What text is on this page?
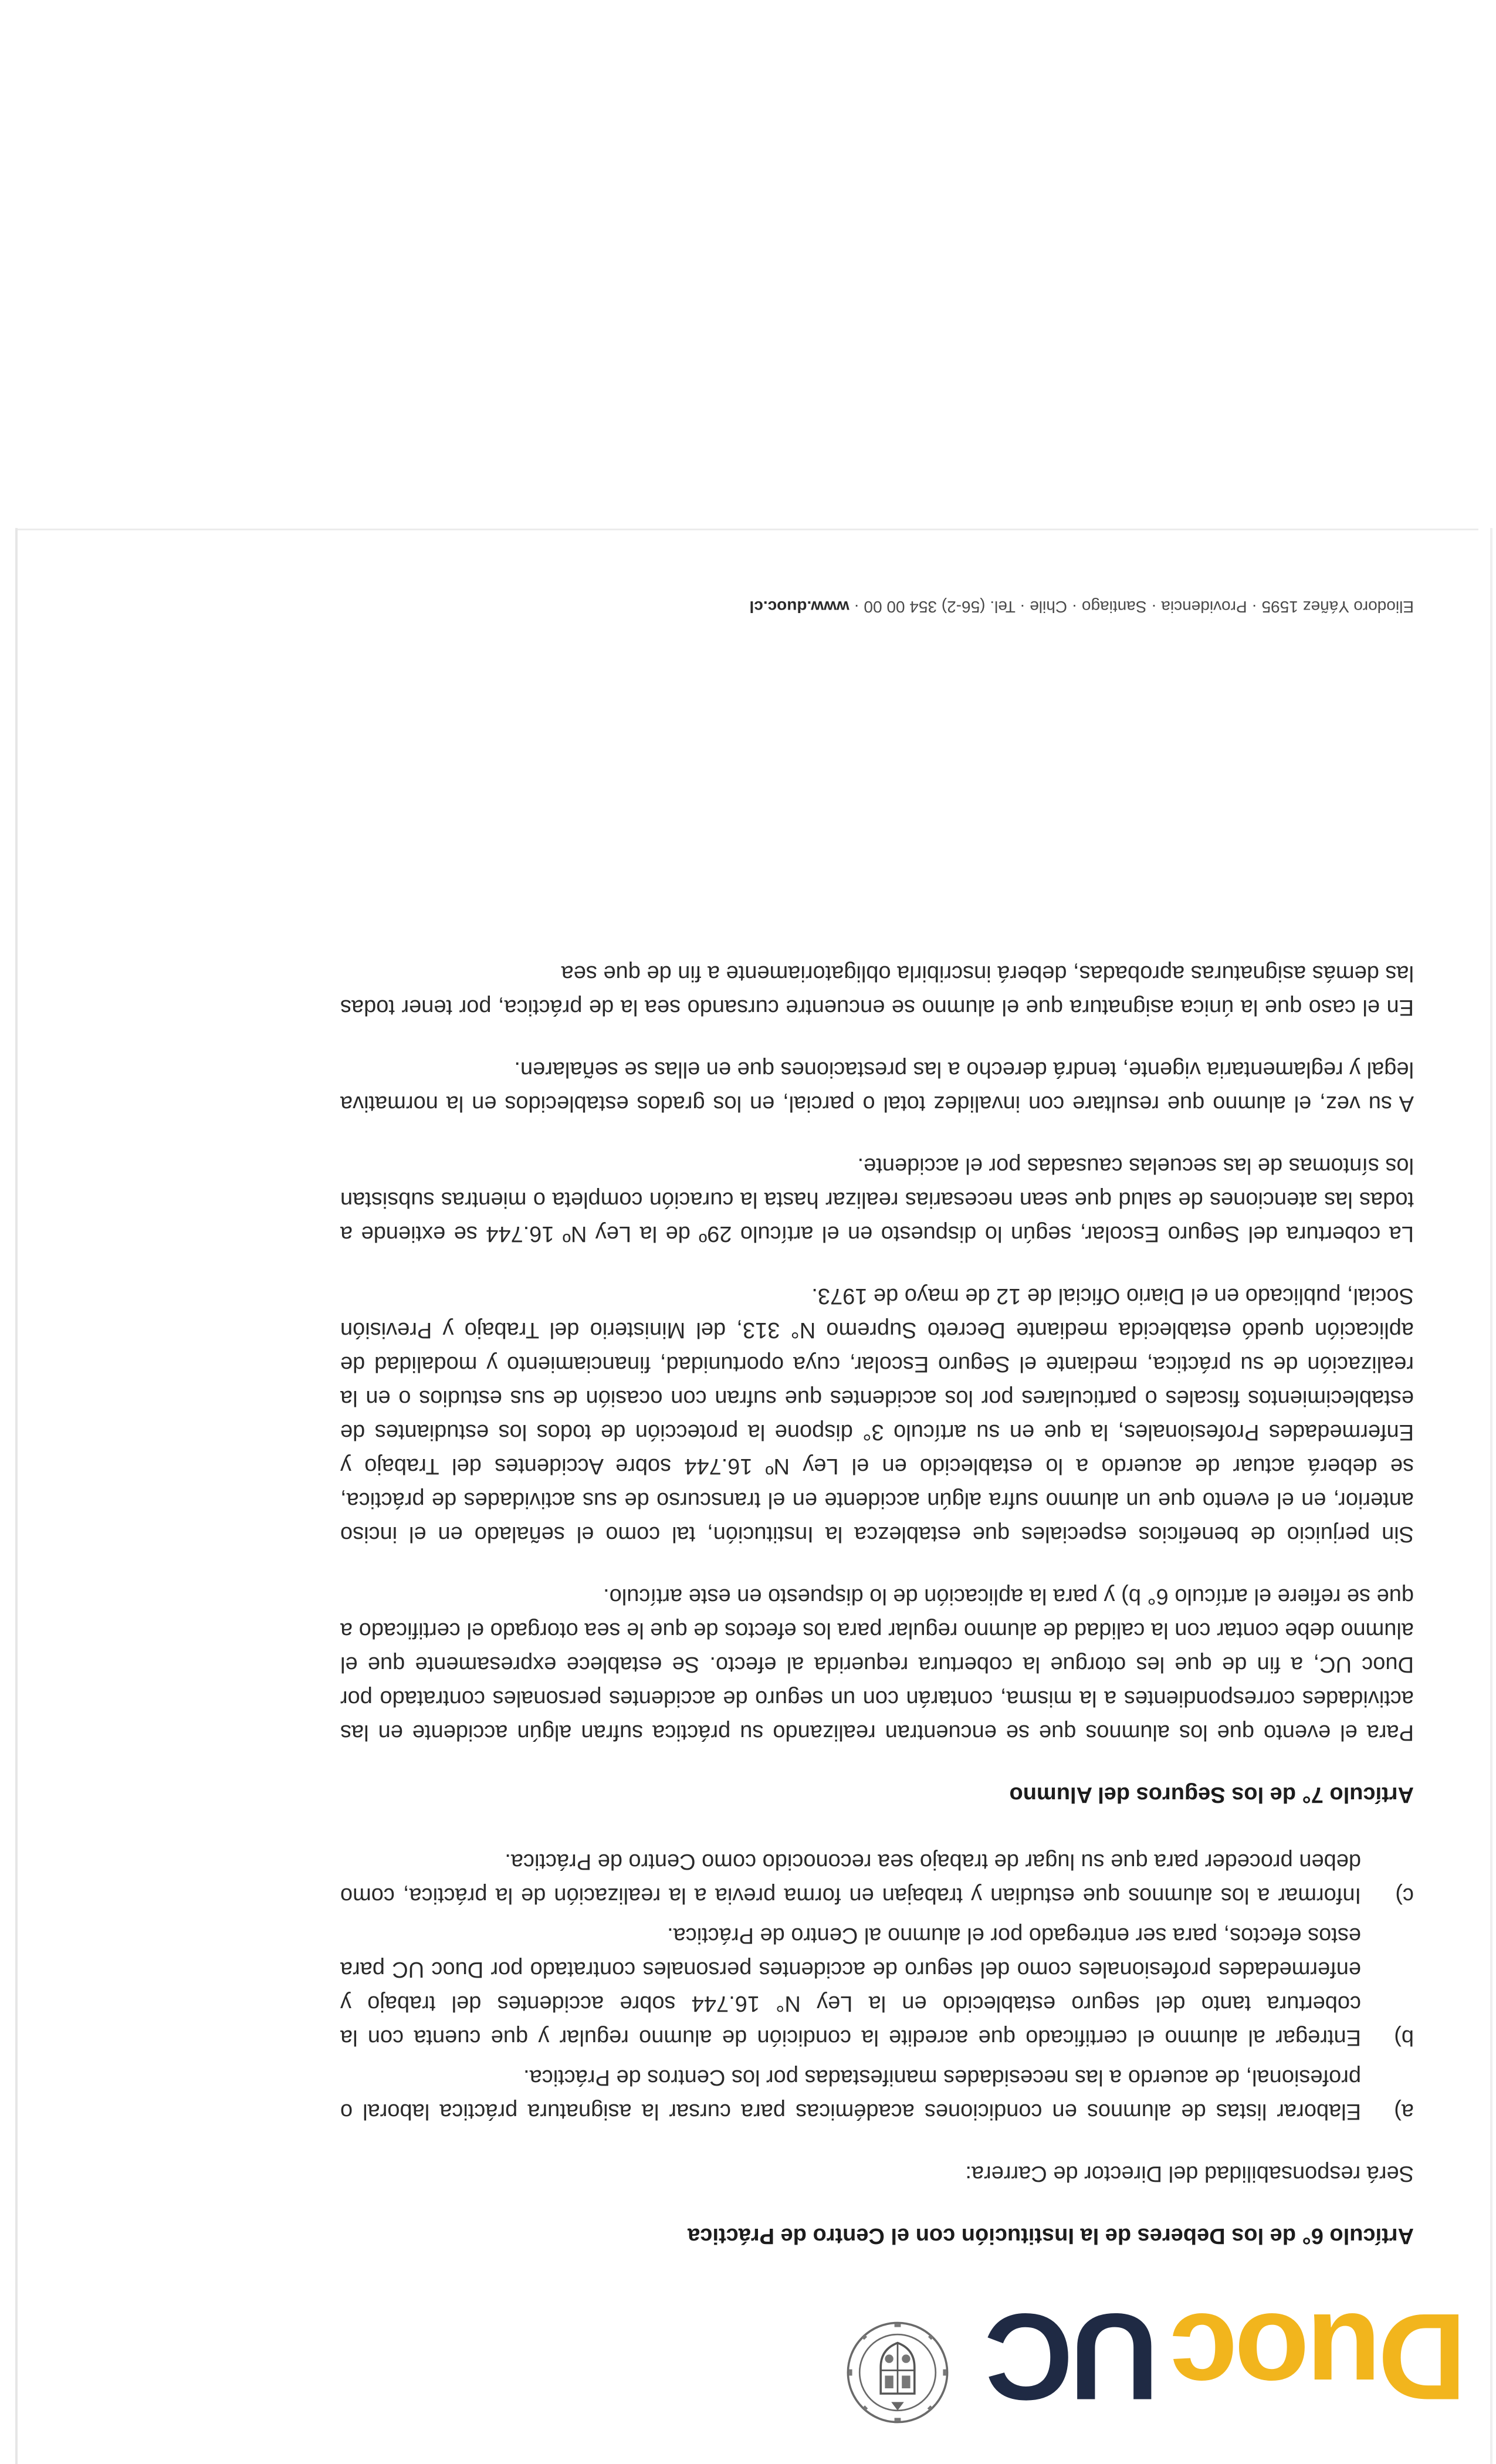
Duoc
UC

Artículo 6° de los Deberes de la Institución con el Centro de Práctica

Será responsabilidad del Director de Carrera:

a)
Elaborar listas de alumnos en condiciones académicas para cursar la asignatura práctica laboral o profesional, de acuerdo a las necesidades manifestadas por los Centros de Práctica.
b)
Entregar al alumno el certificado que acredite la condición de alumno regular y que cuenta con la cobertura tanto del seguro establecido en la Ley N° 16.744 sobre accidentes del trabajo y enfermedades profesionales como del seguro de accidentes personales contratado por Duoc UC para estos efectos, para ser entregado por el alumno al Centro de Práctica.
c)
Informar a los alumnos que estudian y trabajan en forma previa a la realización de la práctica, como deben proceder para que su lugar de trabajo sea reconocido como Centro de Práctica.

Artículo 7° de los Seguros del Alumno

Para el evento que los alumnos que se encuentran realizando su práctica sufran algún accidente en las actividades correspondientes a la misma, contarán con un seguro de accidentes personales contratado por Duoc UC, a fin de que les otorgue la cobertura requerida al efecto. Se establece expresamente que el alumno debe contar con la calidad de alumno regular para los efectos de que le sea otorgado el certificado a que se refiere el artículo 6° b) y para la aplicación de lo dispuesto en este artículo.

Sin perjuicio de beneficios especiales que establezca la Institución, tal como el señalado en el inciso anterior, en el evento que un alumno sufra algún accidente en el transcurso de sus actividades de práctica, se deberá actuar de acuerdo a lo establecido en el Ley Nº 16.744 sobre Accidentes del Trabajo y Enfermedades Profesionales, la que en su artículo 3° dispone la protección de todos los estudiantes de establecimientos fiscales o particulares por los accidentes que sufran con ocasión de sus estudios o en la realización de su práctica, mediante el Seguro Escolar, cuya oportunidad, financiamiento y modalidad de aplicación quedó establecida mediante Decreto Supremo N° 313, del Ministerio del Trabajo y Previsión Social, publicado en el Diario Oficial de 12 de mayo de 1973.

La cobertura del Seguro Escolar, según lo dispuesto en el artículo 29º de la Ley Nº 16.744 se extiende a todas las atenciones de salud que sean necesarias realizar hasta la curación completa o mientras subsistan los síntomas de las secuelas causadas por el accidente.

A su vez, el alumno que resultare con invalidez total o parcial, en los grados establecidos en la normativa legal y reglamentaria vigente, tendrá derecho a las prestaciones que en ellas se señalaren.

En el caso que la única asignatura que el alumno se encuentre cursando sea la de práctica, por tener todas las demás asignaturas aprobadas, deberá inscribirla obligatoriamente a fin de que sea

Eliodoro Yáñez 1595 · Providencia · Santiago · Chile · Tel. (56-2) 354 00 00 · www.duoc.cl
